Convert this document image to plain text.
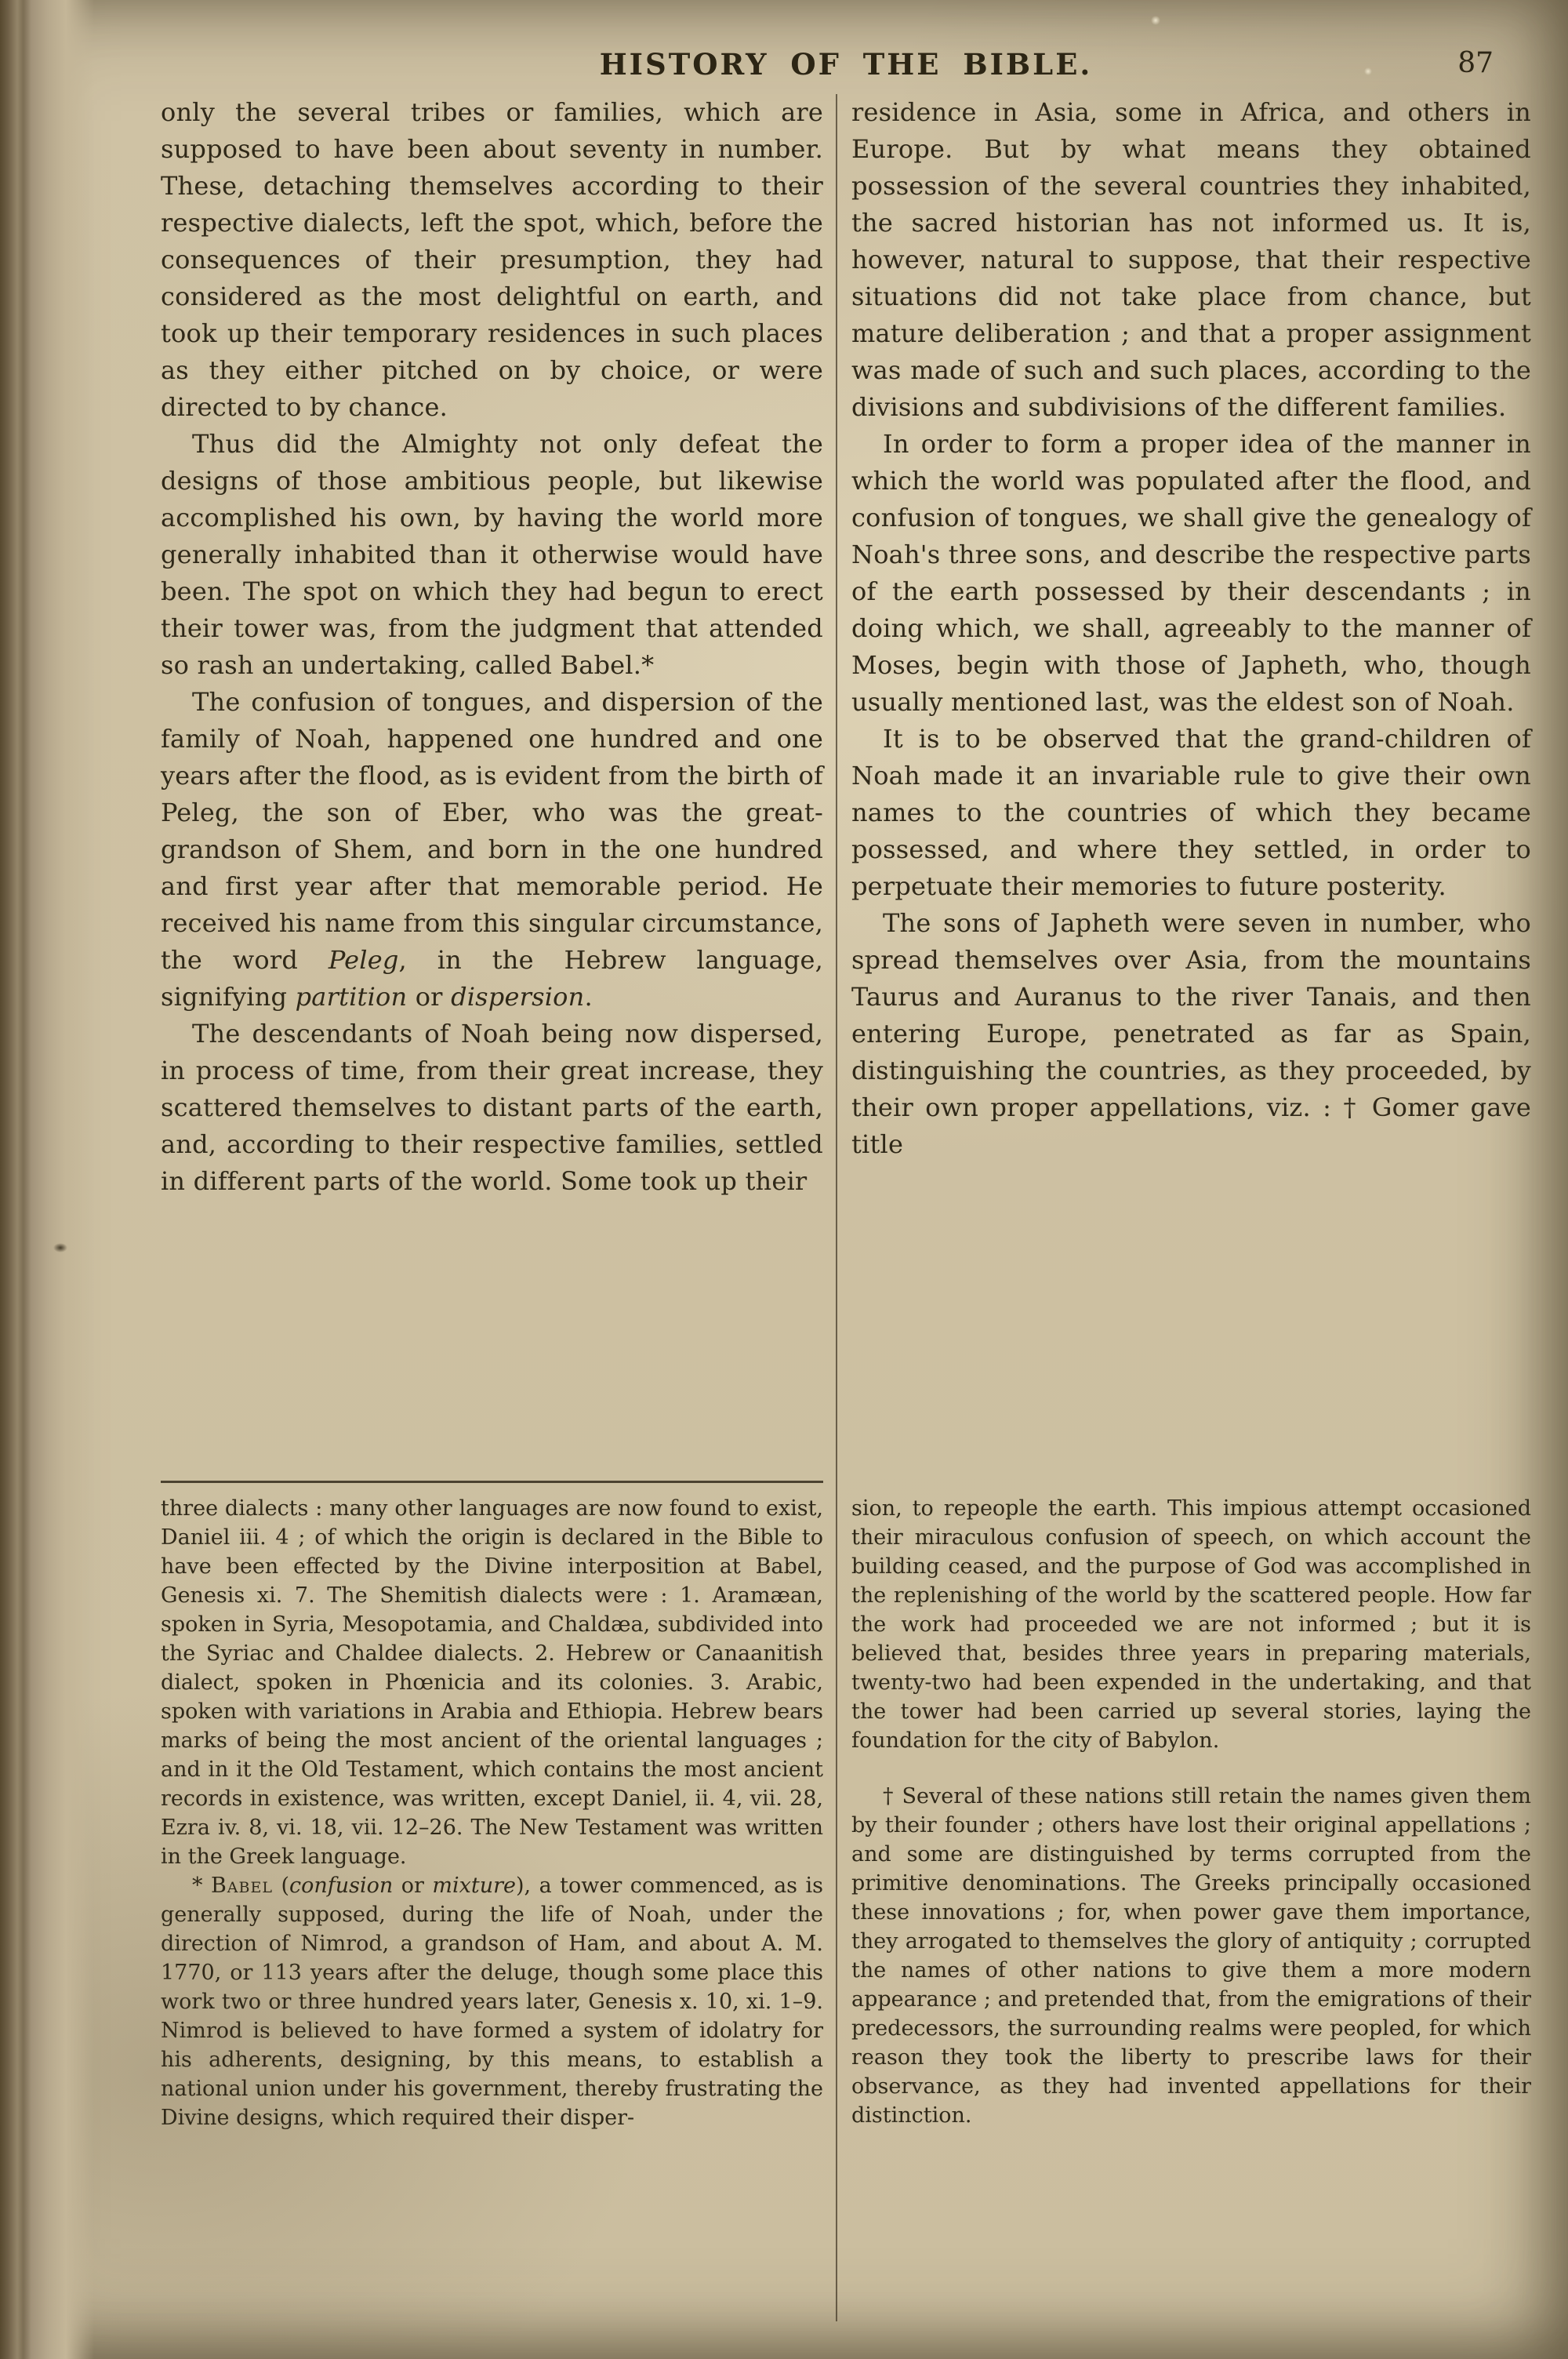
HISTORY OF THE BIBLE.	87

only the several tribes or families, which are supposed to have been about seventy in number. These, detaching themselves according to their respective dialects, left the spot, which, before the consequences of their presumption, they had considered as the most delightful on earth, and took up their temporary residences in such places as they either pitched on by choice, or were directed to by chance.

Thus did the Almighty not only defeat the designs of those ambitious people, but likewise accomplished his own, by having the world more generally inhabited than it otherwise would have been. The spot on which they had begun to erect their tower was, from the judgment that attended so rash an undertaking, called Babel.*

The confusion of tongues, and dispersion of the family of Noah, happened one hundred and one years after the flood, as is evident from the birth of Peleg, the son of Eber, who was the great-grandson of Shem, and born in the one hundred and first year after that memorable period. He received his name from this singular circumstance, the word Peleg, in the Hebrew language, signifying partition or dispersion.

The descendants of Noah being now dispersed, in process of time, from their great increase, they scattered themselves to distant parts of the earth, and, according to their respective families, settled in different parts of the world. Some took up their

residence in Asia, some in Africa, and others in Europe. But by what means they obtained possession of the several countries they inhabited, the sacred historian has not informed us. It is, however, natural to suppose, that their respective situations did not take place from chance, but mature deliberation ; and that a proper assignment was made of such and such places, according to the divisions and subdivisions of the different families.

In order to form a proper idea of the manner in which the world was populated after the flood, and confusion of tongues, we shall give the genealogy of Noah's three sons, and describe the respective parts of the earth possessed by their descendants ; in doing which, we shall, agreeably to the manner of Moses, begin with those of Japheth, who, though usually mentioned last, was the eldest son of Noah.

It is to be observed that the grand-children of Noah made it an invariable rule to give their own names to the countries of which they became possessed, and where they settled, in order to perpetuate their memories to future posterity.

The sons of Japheth were seven in number, who spread themselves over Asia, from the mountains Taurus and Auranus to the river Tanais, and then entering Europe, penetrated as far as Spain, distinguishing the countries, as they proceeded, by their own proper appellations, viz. : † Gomer gave title

three dialects : many other languages are now found to exist, Daniel iii. 4 ; of which the origin is declared in the Bible to have been effected by the Divine interposition at Babel, Genesis xi. 7. The Shemitish dialects were : 1. Aramæan, spoken in Syria, Mesopotamia, and Chaldæa, subdivided into the Syriac and Chaldee dialects. 2. Hebrew or Canaanitish dialect, spoken in Phœnicia and its colonies. 3. Arabic, spoken with variations in Arabia and Ethiopia. Hebrew bears marks of being the most ancient of the oriental languages ; and in it the Old Testament, which contains the most ancient records in existence, was written, except Daniel, ii. 4, vii. 28, Ezra iv. 8, vi. 18, vii. 12–26. The New Testament was written in the Greek language.

* Babel (confusion or mixture), a tower commenced, as is generally supposed, during the life of Noah, under the direction of Nimrod, a grandson of Ham, and about A. M. 1770, or 113 years after the deluge, though some place this work two or three hundred years later, Genesis x. 10, xi. 1–9. Nimrod is believed to have formed a system of idolatry for his adherents, designing, by this means, to establish a national union under his government, thereby frustrating the Divine designs, which required their disper-

sion, to repeople the earth. This impious attempt occasioned their miraculous confusion of speech, on which account the building ceased, and the purpose of God was accomplished in the replenishing of the world by the scattered people. How far the work had proceeded we are not informed ; but it is believed that, besides three years in preparing materials, twenty-two had been expended in the undertaking, and that the tower had been carried up several stories, laying the foundation for the city of Babylon.

† Several of these nations still retain the names given them by their founder ; others have lost their original appellations ; and some are distinguished by terms corrupted from the primitive denominations. The Greeks principally occasioned these innovations ; for, when power gave them importance, they arrogated to themselves the glory of antiquity ; corrupted the names of other nations to give them a more modern appearance ; and pretended that, from the emigrations of their predecessors, the surrounding realms were peopled, for which reason they took the liberty to prescribe laws for their observance, as they had invented appellations for their distinction.
